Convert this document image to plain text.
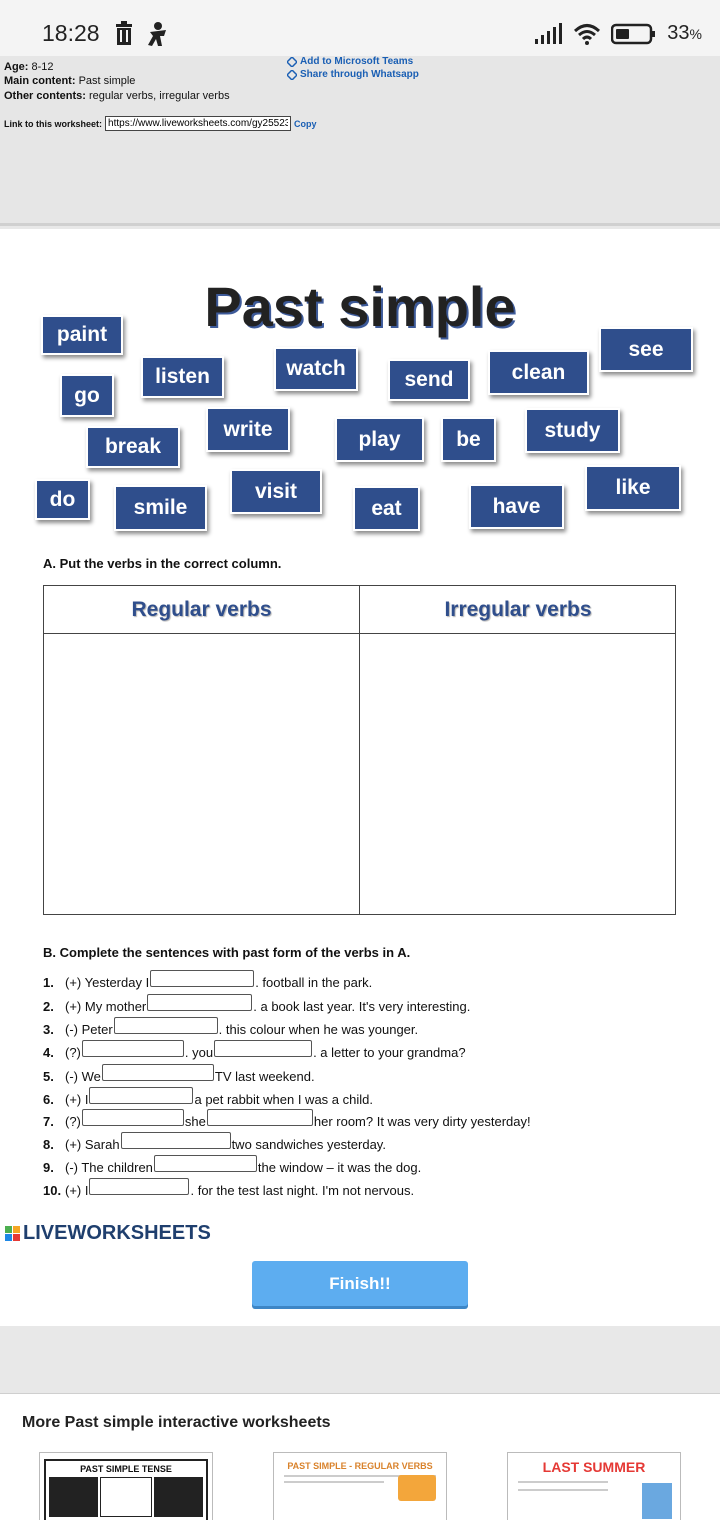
18:28	33%
Age: 8-12
Main content: Past simple
Other contents: regular verbs, irregular verbs
Add to Microsoft Teams
Share through Whatsapp
Link to this worksheet:
https://www.liveworksheets.com/gy25523	Copy
Past simple
paint
go
listen	watch	send	clean
see
break
write	play	be	study
do	smile
visit
eat	have
like
A. Put the verbs in the correct column.
Regular verbs	Irregular verbs
B. Complete the sentences with past form of the verbs in A.
1. (+) Yesterday I	. football in the park.
2. (+) My mother	. a book last year. It's very interesting.
3. (-) Peter	. this colour when he was younger.
4. (?)	. you	. a letter to your grandma?
5. (-) We	TV last weekend.
6. (+) I	a pet rabbit when I was a child.
7. (?)	she	her room? It was very dirty yesterday!
8. (+) Sarah	two sandwiches yesterday.
9. (-) The children	the window – it was the dog.
10. (+) I	. for the test last night. I'm not nervous.
LIVEWORKSHEETS
Finish!!
More Past simple interactive worksheets
PAST SIMPLE TENSE	PAST SIMPLE - REGULAR VERBS	LAST SUMMER
